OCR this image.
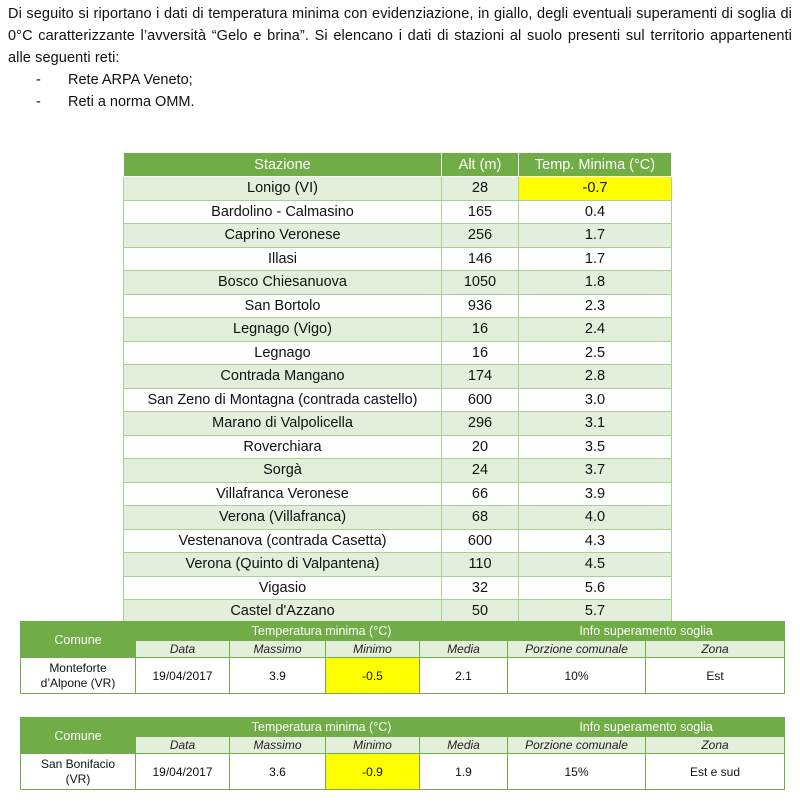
Di seguito si riportano i dati di temperatura minima con evidenziazione, in giallo, degli eventuali superamenti di soglia di 0°C caratterizzante l’avversità “Gelo e brina”. Si elencano i dati di stazioni al suolo presenti sul territorio appartenenti alle seguenti reti:

- Rete ARPA Veneto;
- Reti a norma OMM.
Stazione	Alt (m)	Temp. Minima (°C)
Lonigo (VI)	28	-0.7
Bardolino - Calmasino	165	0.4
Caprino Veronese	256	1.7
Illasi	146	1.7
Bosco Chiesanuova	1050	1.8
San Bortolo	936	2.3
Legnago (Vigo)	16	2.4
Legnago	16	2.5
Contrada Mangano	174	2.8
San Zeno di Montagna (contrada castello)	600	3.0
Marano di Valpolicella	296	3.1
Roverchiara	20	3.5
Sorgà	24	3.7
Villafranca Veronese	66	3.9
Verona (Villafranca)	68	4.0
Vestenanova (contrada Casetta)	600	4.3
Verona (Quinto di Valpantena)	110	4.5
Vigasio	32	5.6
Castel d'Azzano	50	5.7
Comune	Temperatura minima (°C)				Info superamento soglia	
	Data	Massimo	Minimo	Media	Porzione comunale	Zona
Monteforte
d’Alpone (VR)	19/04/2017	3.9	-0.5	2.1	10%	Est
Comune	Temperatura minima (°C)				Info superamento soglia	
	Data	Massimo	Minimo	Media	Porzione comunale	Zona
San Bonifacio
(VR)	19/04/2017	3.6	-0.9	1.9	15%	Est e sud
